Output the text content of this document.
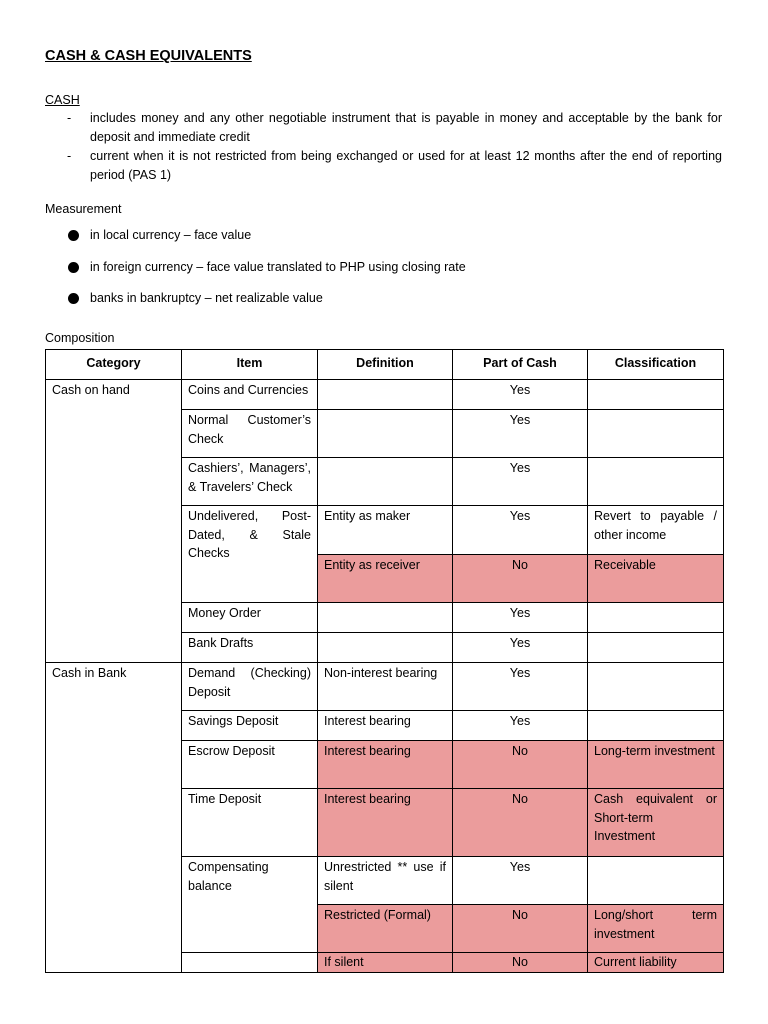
CASH & CASH EQUIVALENTS
CASH
-	includes money and any other negotiable instrument that is payable in money and acceptable by the bank for deposit and immediate credit
-	current when it is not restricted from being exchanged or used for at least 12 months after the end of reporting period (PAS 1)
Measurement
in local currency – face value
in foreign currency – face value translated to PHP using closing rate
banks in bankruptcy – net realizable value
Composition
Category	Item	Definition	Part of Cash	Classification
Cash on hand	Coins and Currencies		Yes	
	Normal Customer’s Check		Yes	
	Cashiers’, Managers’, & Travelers’ Check		Yes	
	Undelivered, Post-Dated, & Stale Checks	Entity as maker	Yes	Revert to payable / other income
		Entity as receiver	No	Receivable
	Money Order		Yes	
	Bank Drafts		Yes	
Cash in Bank	Demand (Checking) Deposit	Non-interest bearing	Yes	
	Savings Deposit	Interest bearing	Yes	
	Escrow Deposit	Interest bearing	No	Long-term investment
	Time Deposit	Interest bearing	No	Cash equivalent or Short-term Investment
	Compensating balance	Unrestricted ** use if silent	Yes	
		Restricted (Formal)	No	Long/short term investment
		If silent	No	Current liability
